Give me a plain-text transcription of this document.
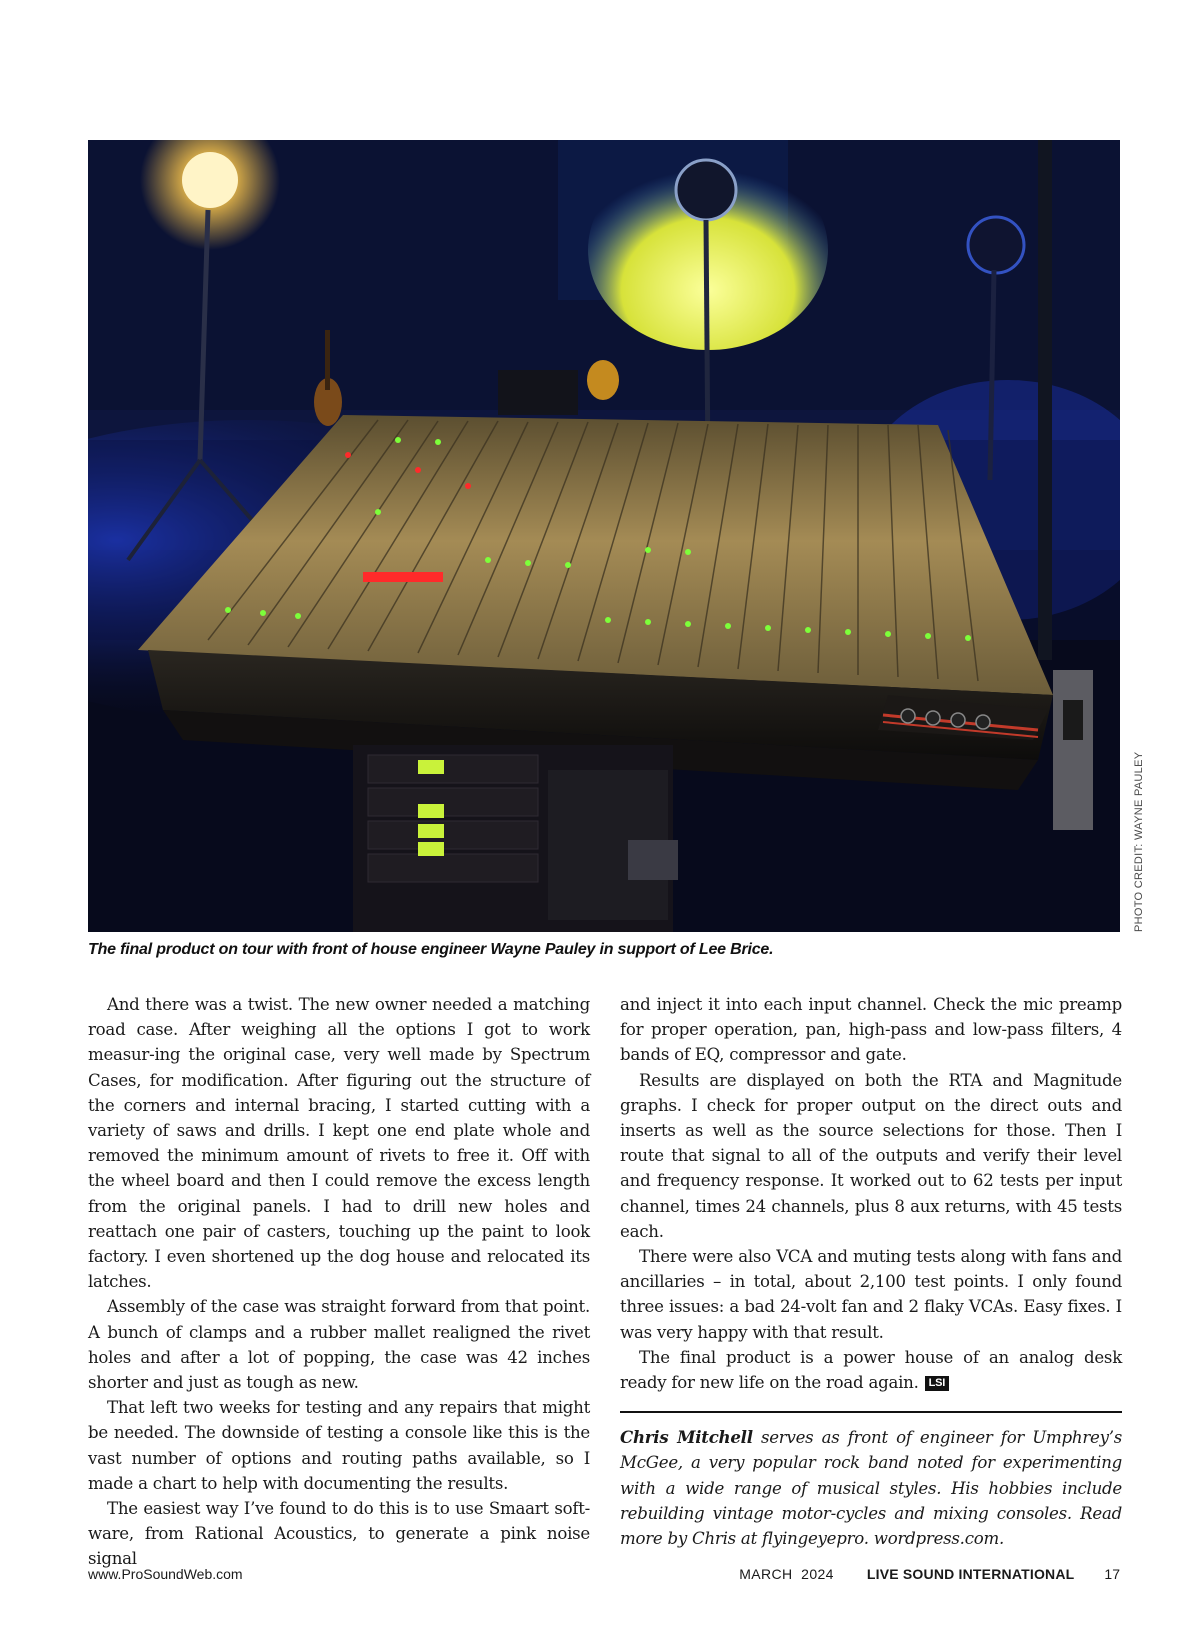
PHOTO CREDIT: WAYNE PAULEY
The final product on tour with front of house engineer Wayne Pauley in support of Lee Brice.

And there was a twist. The new owner needed a matching road case. After weighing all the options I got to work measur-ing the original case, very well made by Spectrum Cases, for modification. After figuring out the structure of the corners and internal bracing, I started cutting with a variety of saws and drills. I kept one end plate whole and removed the minimum amount of rivets to free it. Off with the wheel board and then I could remove the excess length from the original panels. I had to drill new holes and reattach one pair of casters, touching up the paint to look factory. I even shortened up the dog house and relocated its latches.

Assembly of the case was straight forward from that point. A bunch of clamps and a rubber mallet realigned the rivet holes and after a lot of popping, the case was 42 inches shorter and just as tough as new.

That left two weeks for testing and any repairs that might be needed. The downside of testing a console like this is the vast number of options and routing paths available, so I made a chart to help with documenting the results.

The easiest way I’ve found to do this is to use Smaart soft-ware, from Rational Acoustics, to generate a pink noise signal

and inject it into each input channel. Check the mic preamp for proper operation, pan, high-pass and low-pass filters, 4 bands of EQ, compressor and gate.

Results are displayed on both the RTA and Magnitude graphs. I check for proper output on the direct outs and inserts as well as the source selections for those. Then I route that signal to all of the outputs and verify their level and frequency response. It worked out to 62 tests per input channel, times 24 channels, plus 8 aux returns, with 45 tests each.

There were also VCA and muting tests along with fans and ancillaries – in total, about 2,100 test points. I only found three issues: a bad 24-volt fan and 2 flaky VCAs. Easy fixes. I was very happy with that result.

The final product is a power house of an analog desk ready for new life on the road again. LSI

Chris Mitchell serves as front of engineer for Umphrey’s McGee, a very popular rock band noted for experimenting with a wide range of musical styles. His hobbies include rebuilding vintage motor-cycles and mixing consoles. Read more by Chris at flyingeyepro. wordpress.com.

www.ProSoundWeb.com	MARCH  2024 LIVE SOUND INTERNATIONAL 17
